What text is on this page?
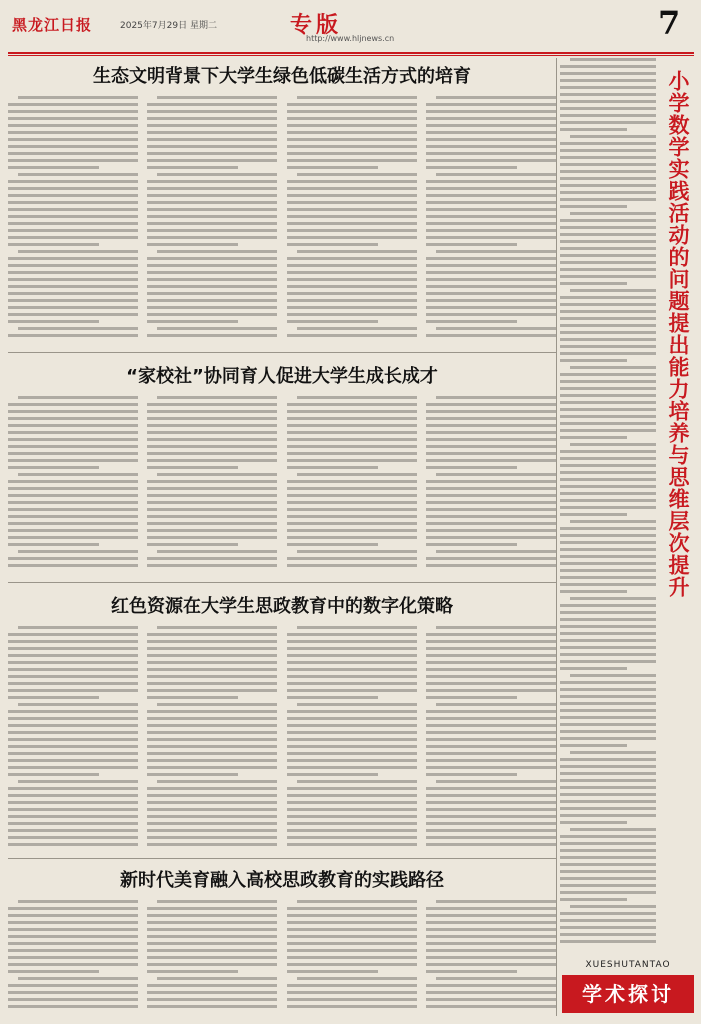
黑龙江日报	2025年7月29日 星期二	专版
http://www.hljnews.cn	7
生态文明背景下大学生绿色低碳生活方式的培育
“家校社”协同育人促进大学生成长成才
红色资源在大学生思政教育中的数字化策略
新时代美育融入高校思政教育的实践路径
小学数学实践活动的问题提出能力培养与思维层次提升
XUESHUTANTAO
学术探讨
